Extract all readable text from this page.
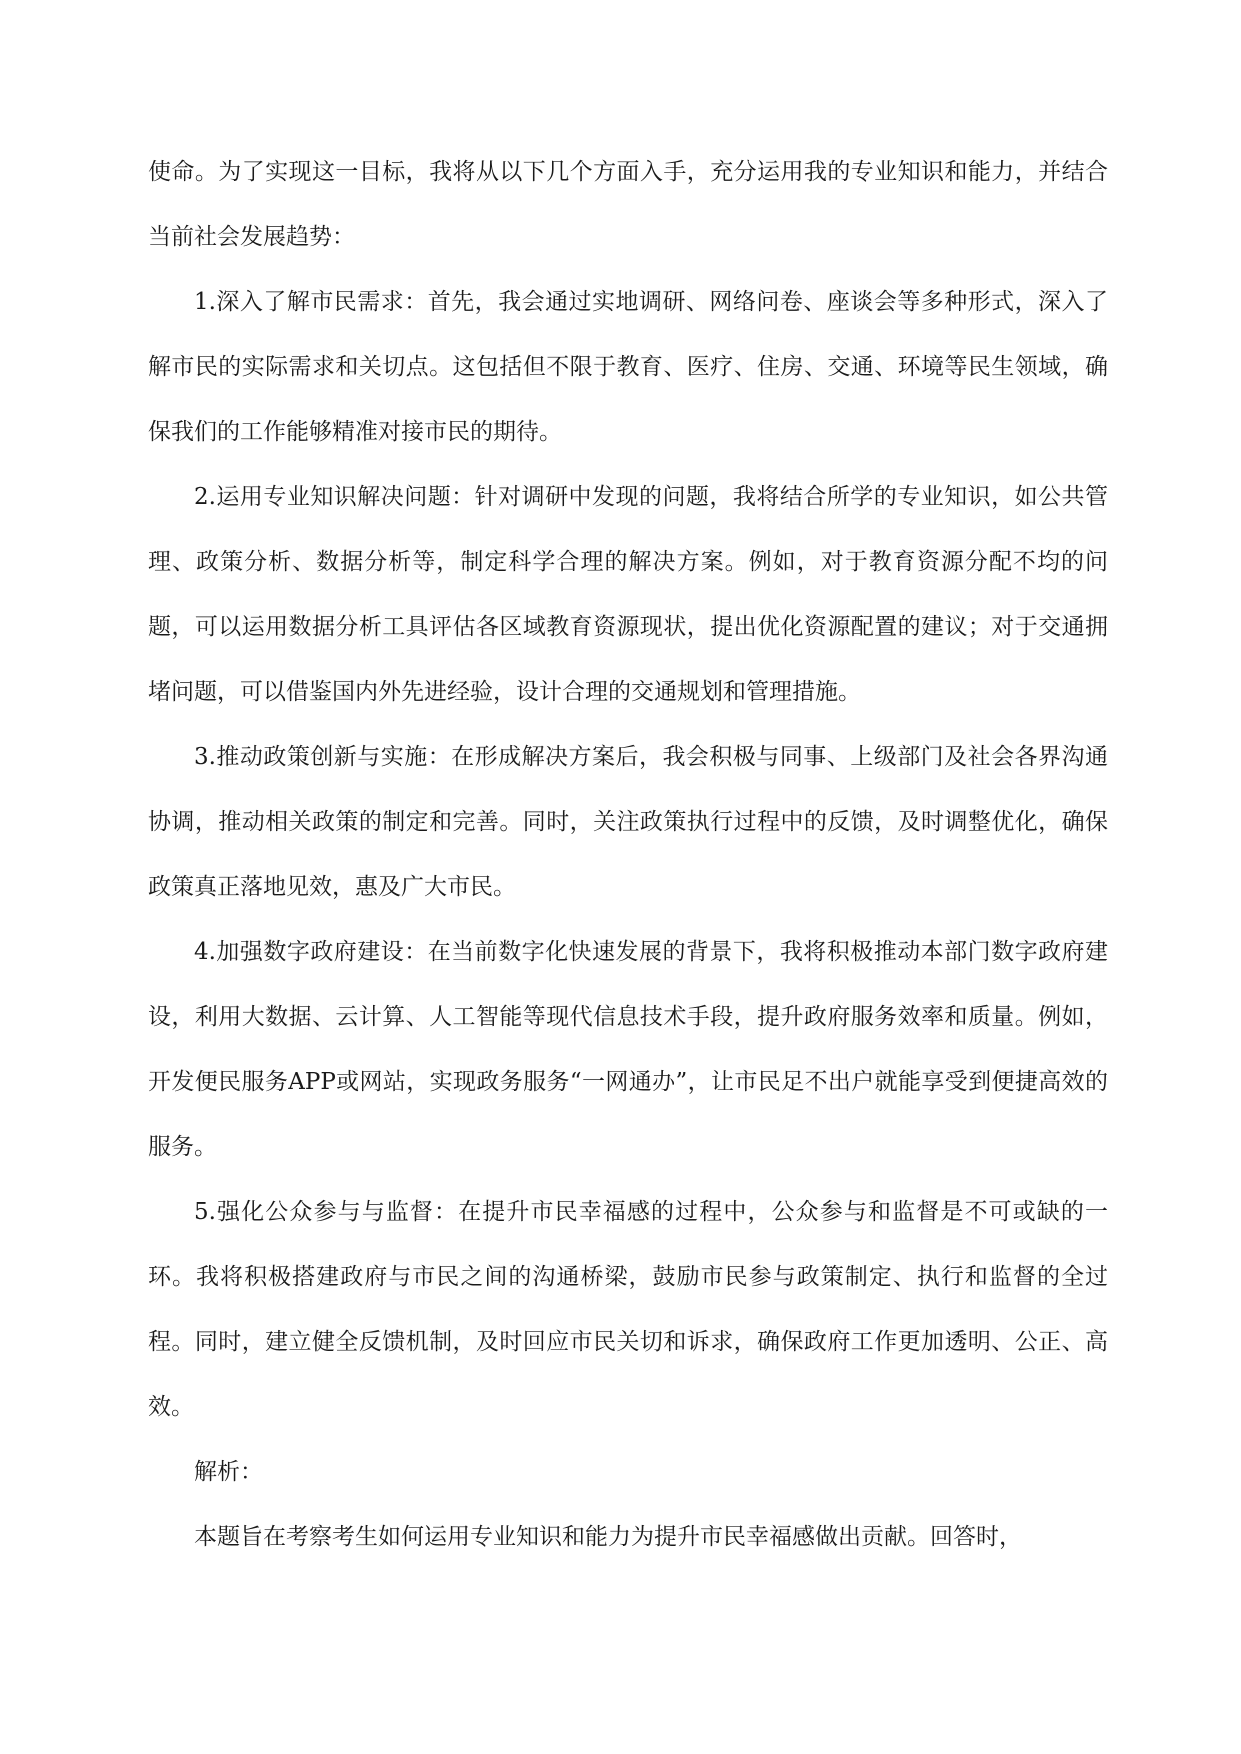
使命。为了实现这一目标，我将从以下几个方面入手，充分运用我的专业知识和能力，并结合当前社会发展趋势：

1.深入了解市民需求：首先，我会通过实地调研、网络问卷、座谈会等多种形式，深入了解市民的实际需求和关切点。这包括但不限于教育、医疗、住房、交通、环境等民生领域，确保我们的工作能够精准对接市民的期待。

2.运用专业知识解决问题：针对调研中发现的问题，我将结合所学的专业知识，如公共管理、政策分析、数据分析等，制定科学合理的解决方案。例如，对于教育资源分配不均的问题，可以运用数据分析工具评估各区域教育资源现状，提出优化资源配置的建议；对于交通拥堵问题，可以借鉴国内外先进经验，设计合理的交通规划和管理措施。

3.推动政策创新与实施：在形成解决方案后，我会积极与同事、上级部门及社会各界沟通协调，推动相关政策的制定和完善。同时，关注政策执行过程中的反馈，及时调整优化，确保政策真正落地见效，惠及广大市民。

4.加强数字政府建设：在当前数字化快速发展的背景下，我将积极推动本部门数字政府建设，利用大数据、云计算、人工智能等现代信息技术手段，提升政府服务效率和质量。例如，开发便民服务APP或网站，实现政务服务“一网通办”，让市民足不出户就能享受到便捷高效的服务。

5.强化公众参与与监督：在提升市民幸福感的过程中，公众参与和监督是不可或缺的一环。我将积极搭建政府与市民之间的沟通桥梁，鼓励市民参与政策制定、执行和监督的全过程。同时，建立健全反馈机制，及时回应市民关切和诉求，确保政府工作更加透明、公正、高效。

解析：

本题旨在考察考生如何运用专业知识和能力为提升市民幸福感做出贡献。回答时，
